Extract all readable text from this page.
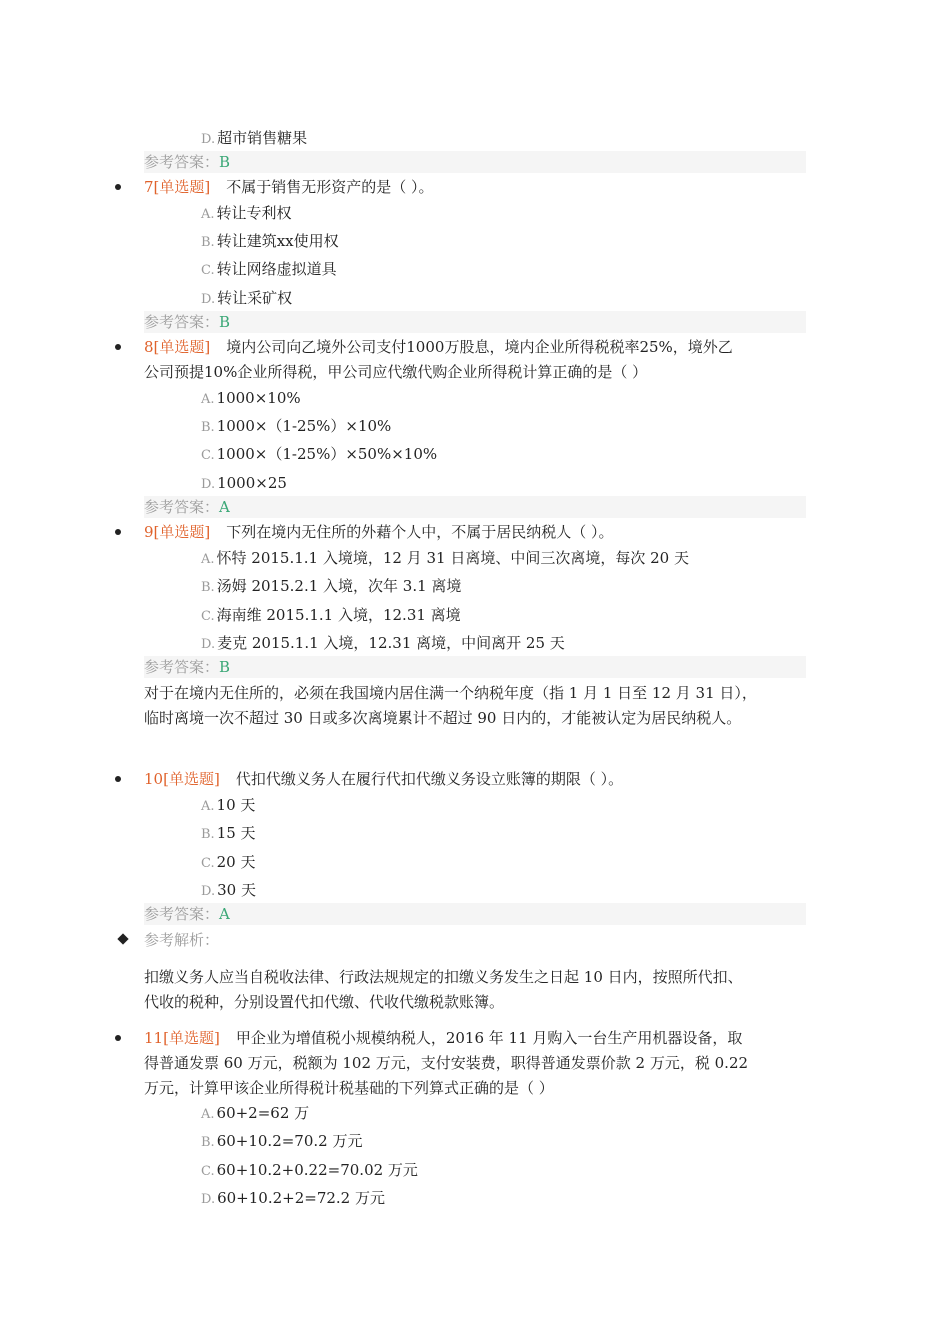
D. 超市销售糖果
参考答案：B
7[单选题] 不属于销售无形资产的是（ ）。
A. 转让专利权
B. 转让建筑xx使用权
C. 转让网络虚拟道具
D. 转让采矿权
参考答案：B
8[单选题] 境内公司向乙境外公司支付1000万股息，境内企业所得税税率25%，境外乙
公司预提10%企业所得税，甲公司应代缴代购企业所得税计算正确的是（ ）
A. 1000×10%
B. 1000×（1-25%）×10%
C. 1000×（1-25%）×50%×10%
D. 1000×25
参考答案：A
9[单选题] 下列在境内无住所的外藉个人中，不属于居民纳税人（ ）。
A. 怀特 2015.1.1 入境境，12 月 31 日离境、中间三次离境，每次 20 天
B. 汤姆 2015.2.1 入境，次年 3.1 离境
C. 海南维 2015.1.1 入境，12.31 离境
D. 麦克 2015.1.1 入境，12.31 离境，中间离开 25 天
参考答案：B
对于在境内无住所的，必须在我国境内居住满一个纳税年度（指 1 月 1 日至 12 月 31 日），
临时离境一次不超过 30 日或多次离境累计不超过 90 日内的，才能被认定为居民纳税人。
10[单选题] 代扣代缴义务人在履行代扣代缴义务设立账簿的期限（ ）。
A. 10 天
B. 15 天
C. 20 天
D. 30 天
参考答案：A
参考解析：
扣缴义务人应当自税收法律、行政法规规定的扣缴义务发生之日起 10 日内，按照所代扣、
代收的税种，分别设置代扣代缴、代收代缴税款账簿。
11[单选题] 甲企业为增值税小规模纳税人，2016 年 11 月购入一台生产用机器设备，取
得普通发票 60 万元，税额为 102 万元，支付安装费，职得普通发票价款 2 万元，税 0.22
万元，计算甲该企业所得税计税基础的下列算式正确的是（ ）
A. 60+2=62 万
B. 60+10.2=70.2 万元
C. 60+10.2+0.22=70.02 万元
D. 60+10.2+2=72.2 万元
